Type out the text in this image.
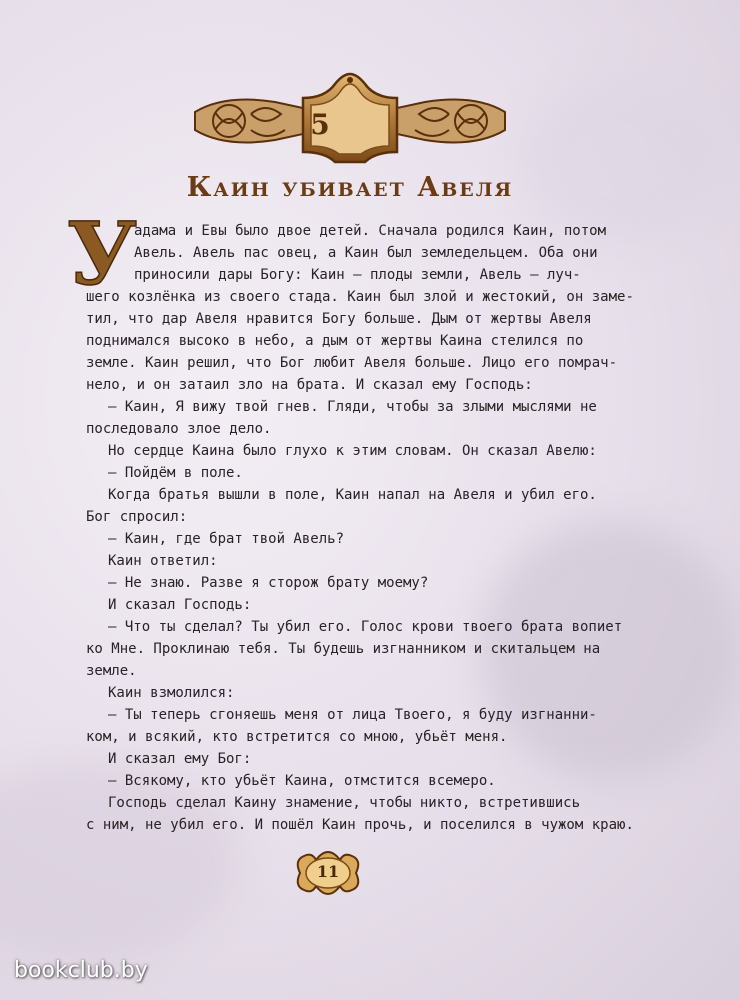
5
Каин убивает Авеля
У
адама и Евы было двое детей. Сначала родился Каин, потом
Авель. Авель пас овец, а Каин был земледельцем. Оба они
приносили дары Богу: Каин — плоды земли, Авель — луч-
шего козлёнка из своего стада. Каин был злой и жестокий, он заме-
тил, что дар Авеля нравится Богу больше. Дым от жертвы Авеля
поднимался высоко в небо, а дым от жертвы Каина стелился по
земле. Каин решил, что Бог любит Авеля больше. Лицо его помрач-
нело, и он затаил зло на брата. И сказал ему Господь:
— Каин, Я вижу твой гнев. Гляди, чтобы за злыми мыслями не
последовало злое дело.
Но сердце Каина было глухо к этим словам. Он сказал Авелю:
— Пойдём в поле.
Когда братья вышли в поле, Каин напал на Авеля и убил его.
Бог спросил:
— Каин, где брат твой Авель?
Каин ответил:
— Не знаю. Разве я сторож брату моему?
И сказал Господь:
— Что ты сделал? Ты убил его. Голос крови твоего брата вопиет
ко Мне. Проклинаю тебя. Ты будешь изгнанником и скитальцем на
земле.
Каин взмолился:
— Ты теперь сгоняешь меня от лица Твоего, я буду изгнанни-
ком, и всякий, кто встретится со мною, убьёт меня.
И сказал ему Бог:
— Всякому, кто убьёт Каина, отмстится всемеро.
Господь сделал Каину знамение, чтобы никто, встретившись
с ним, не убил его. И пошёл Каин прочь, и поселился в чужом краю.
11
bookclub.by
